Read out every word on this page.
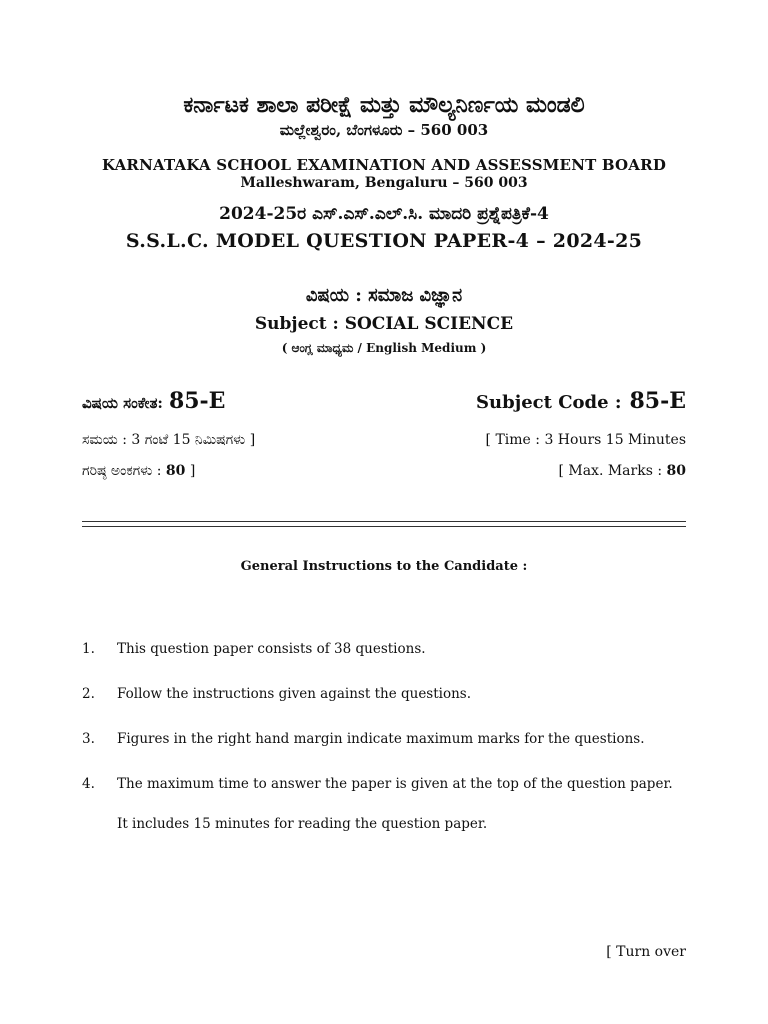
ಕರ್ನಾಟಕ ಶಾಲಾ ಪರೀಕ್ಷೆ ಮತ್ತು ಮೌಲ್ಯನಿರ್ಣಯ ಮಂಡಲಿ
ಮಲ್ಲೇಶ್ವರಂ, ಬೆಂಗಳೂರು – 560 003
KARNATAKA SCHOOL EXAMINATION AND ASSESSMENT BOARD
Malleshwaram, Bengaluru – 560 003
2024-25ರ ಎಸ್.ಎಸ್.ಎಲ್.ಸಿ. ಮಾದರಿ ಪ್ರಶ್ನೆಪತ್ರಿಕೆ-4
S.S.L.C. MODEL QUESTION PAPER-4 – 2024-25
ವಿಷಯ : ಸಮಾಜ ವಿಜ್ಞಾನ
Subject : SOCIAL SCIENCE
( ಆಂಗ್ಲ ಮಾಧ್ಯಮ / English Medium )
ವಿಷಯ ಸಂಕೇತ: 85-E	Subject Code : 85-E
ಸಮಯ : 3 ಗಂಟೆ 15 ನಿಮಿಷಗಳು ]	[ Time : 3 Hours 15 Minutes
ಗರಿಷ್ಠ ಅಂಕಗಳು : 80 ]	[ Max. Marks : 80
General Instructions to the Candidate :
1. This question paper consists of 38 questions.
2. Follow the instructions given against the questions.
3. Figures in the right hand margin indicate maximum marks for the questions.
4. The maximum time to answer the paper is given at the top of the question paper.
It includes 15 minutes for reading the question paper.
[ Turn over
